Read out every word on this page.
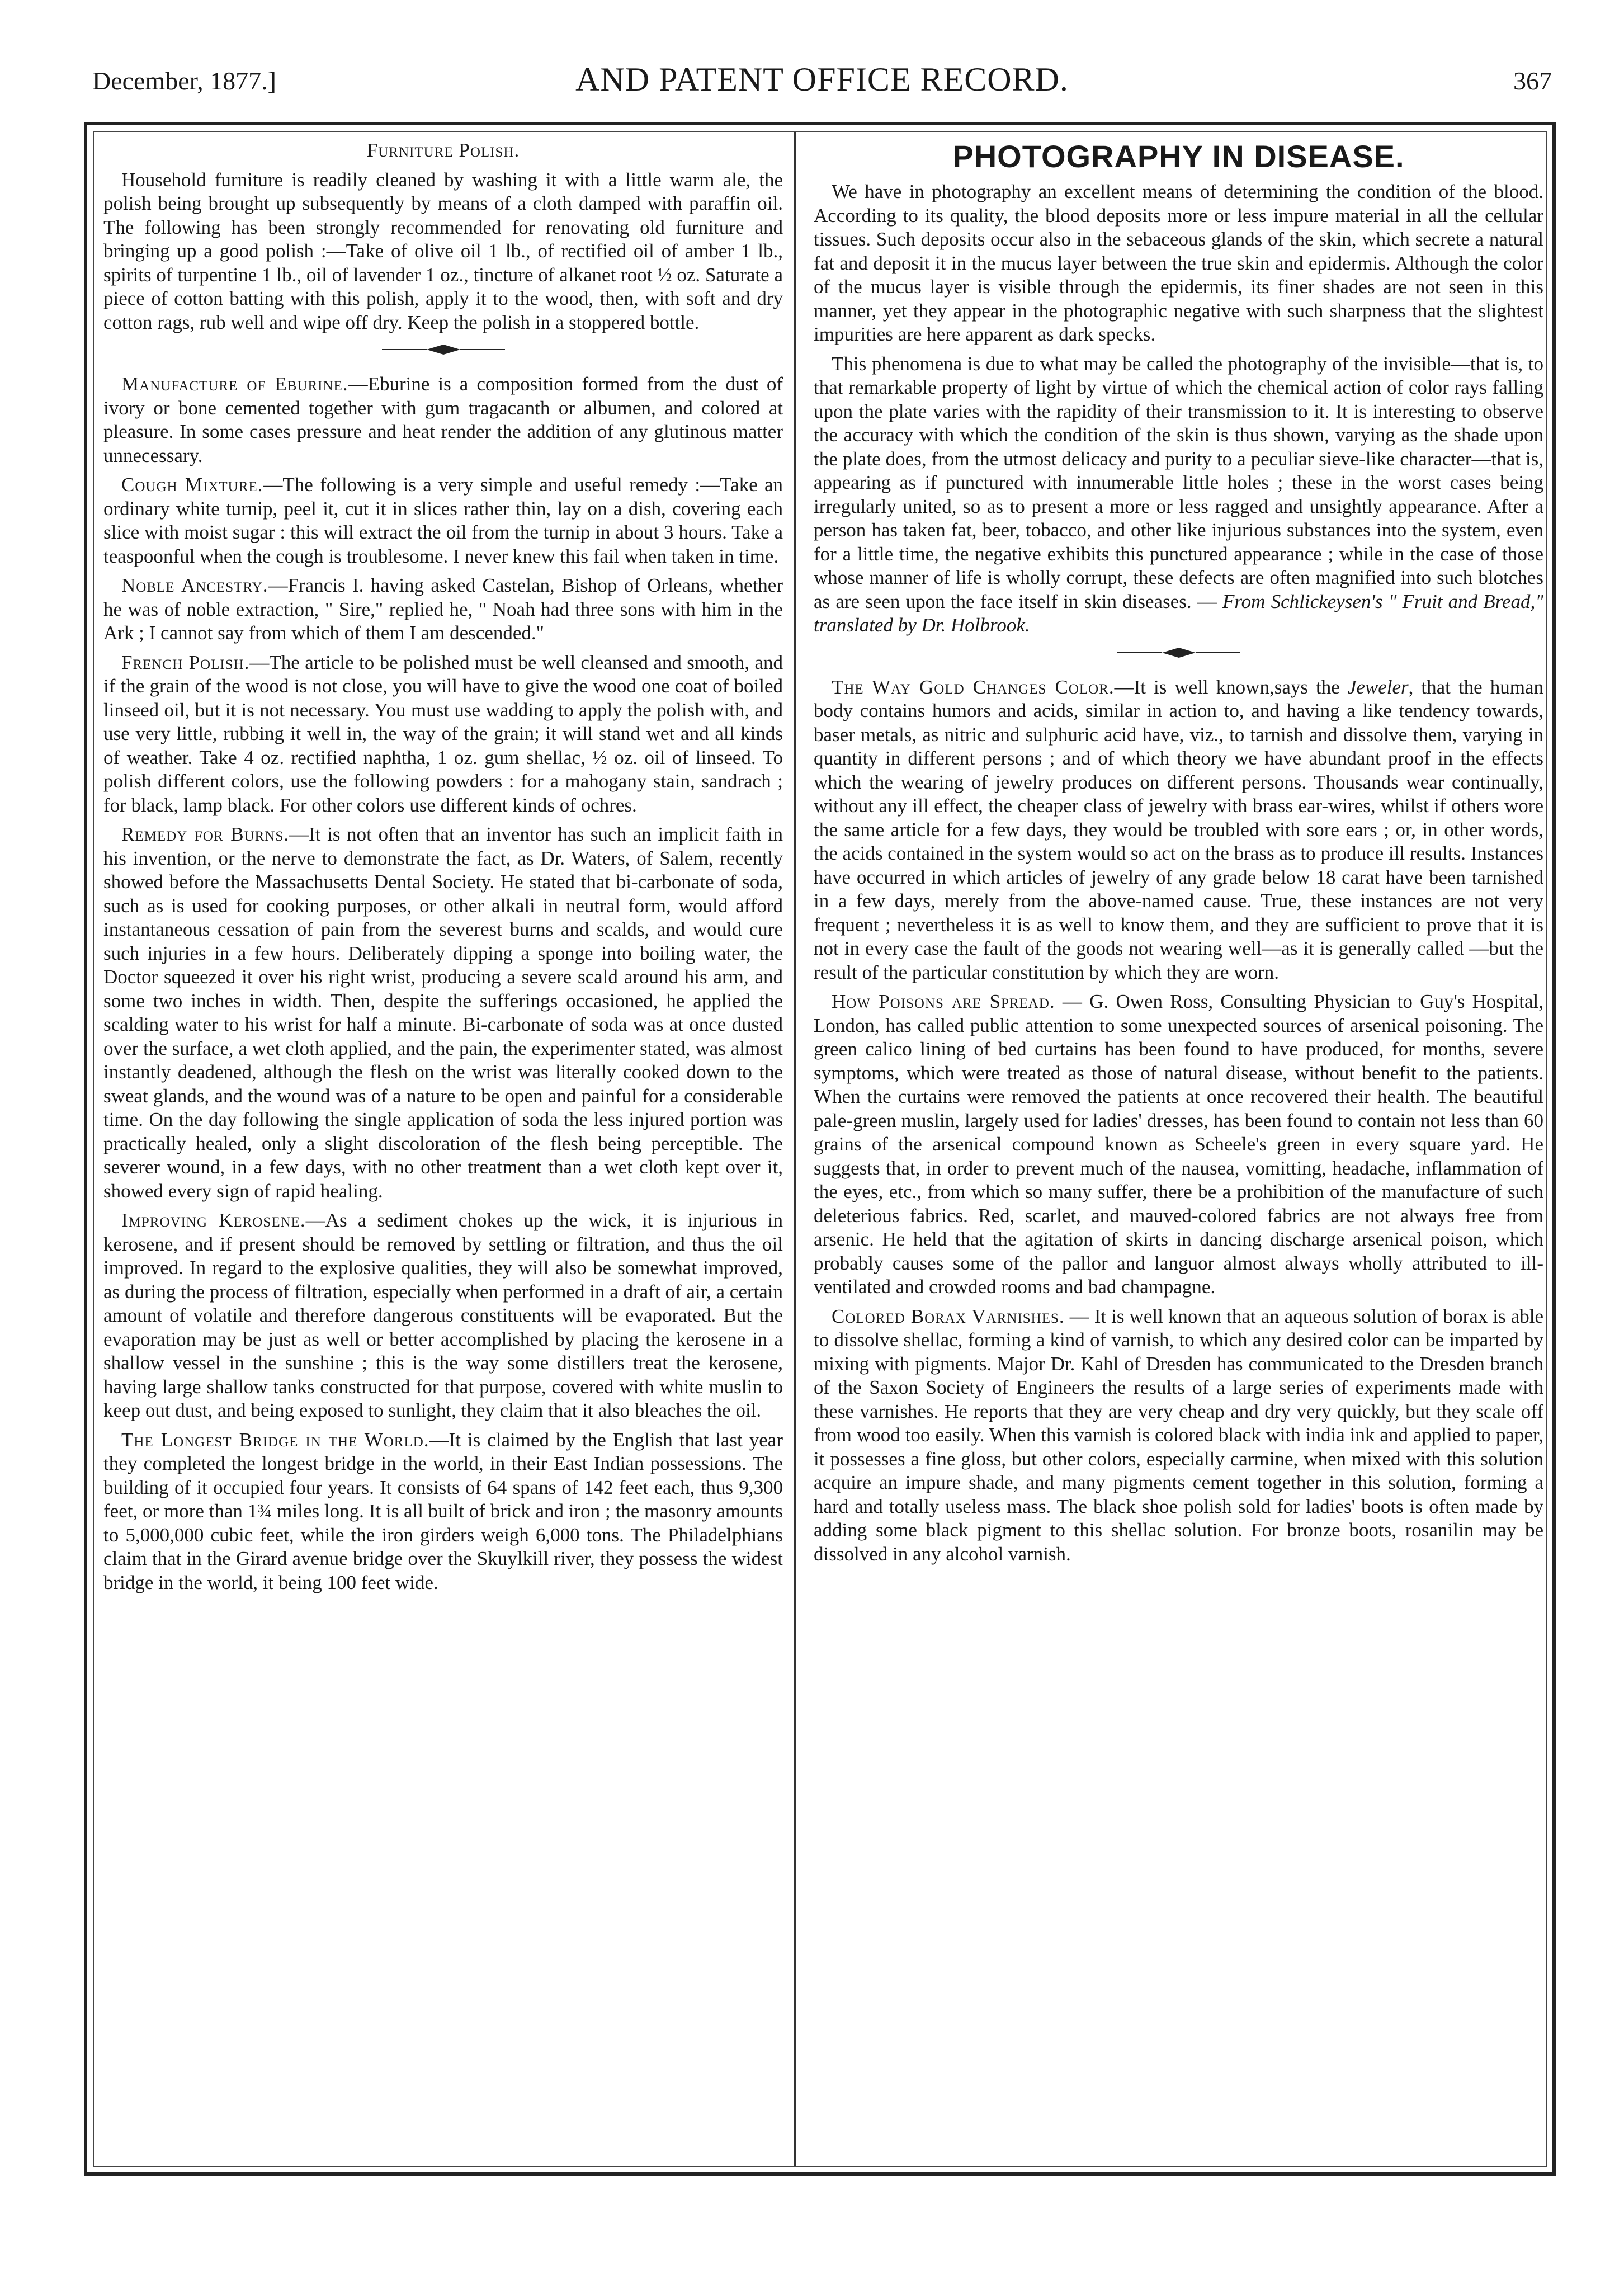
December, 1877.]	AND PATENT OFFICE RECORD.	367

Furniture Polish.

Household furniture is readily cleaned by washing it with a little warm ale, the polish being brought up subsequently by means of a cloth damped with paraffin oil. The following has been strongly recommended for renovating old furniture and bringing up a good polish :—Take of olive oil 1 lb., of rectified oil of amber 1 lb., spirits of turpentine 1 lb., oil of lavender 1 oz., tincture of alkanet root ½ oz. Saturate a piece of cotton batting with this polish, apply it to the wood, then, with soft and dry cotton rags, rub well and wipe off dry. Keep the polish in a stoppered bottle.

Manufacture of Eburine.—Eburine is a composition formed from the dust of ivory or bone cemented together with gum tragacanth or albumen, and colored at pleasure. In some cases pressure and heat render the addition of any glutinous matter unnecessary.

Cough Mixture.—The following is a very simple and useful remedy :—Take an ordinary white turnip, peel it, cut it in slices rather thin, lay on a dish, covering each slice with moist sugar : this will extract the oil from the turnip in about 3 hours. Take a teaspoonful when the cough is troublesome. I never knew this fail when taken in time.

Noble Ancestry.—Francis I. having asked Castelan, Bishop of Orleans, whether he was of noble extraction, " Sire," replied he, " Noah had three sons with him in the Ark ; I cannot say from which of them I am descended."

French Polish.—The article to be polished must be well cleansed and smooth, and if the grain of the wood is not close, you will have to give the wood one coat of boiled linseed oil, but it is not necessary. You must use wadding to apply the polish with, and use very little, rubbing it well in, the way of the grain; it will stand wet and all kinds of weather. Take 4 oz. rectified naphtha, 1 oz. gum shellac, ½ oz. oil of linseed. To polish different colors, use the following powders : for a mahogany stain, sandrach ; for black, lamp black. For other colors use different kinds of ochres.

Remedy for Burns.—It is not often that an inventor has such an implicit faith in his invention, or the nerve to demonstrate the fact, as Dr. Waters, of Salem, recently showed before the Massachusetts Dental Society. He stated that bi-carbonate of soda, such as is used for cooking purposes, or other alkali in neutral form, would afford instantaneous cessation of pain from the severest burns and scalds, and would cure such injuries in a few hours. Deliberately dipping a sponge into boiling water, the Doctor squeezed it over his right wrist, producing a severe scald around his arm, and some two inches in width. Then, despite the sufferings occasioned, he applied the scalding water to his wrist for half a minute. Bi-carbonate of soda was at once dusted over the surface, a wet cloth applied, and the pain, the experimenter stated, was almost instantly deadened, although the flesh on the wrist was literally cooked down to the sweat glands, and the wound was of a nature to be open and painful for a considerable time. On the day following the single application of soda the less injured portion was practically healed, only a slight discoloration of the flesh being perceptible. The severer wound, in a few days, with no other treatment than a wet cloth kept over it, showed every sign of rapid healing.

Improving Kerosene.—As a sediment chokes up the wick, it is injurious in kerosene, and if present should be removed by settling or filtration, and thus the oil improved. In regard to the explosive qualities, they will also be somewhat improved, as during the process of filtration, especially when performed in a draft of air, a certain amount of volatile and therefore dangerous constituents will be evaporated. But the evaporation may be just as well or better accomplished by placing the kerosene in a shallow vessel in the sunshine ; this is the way some distillers treat the kerosene, having large shallow tanks constructed for that purpose, covered with white muslin to keep out dust, and being exposed to sunlight, they claim that it also bleaches the oil.

The Longest Bridge in the World.—It is claimed by the English that last year they completed the longest bridge in the world, in their East Indian possessions. The building of it occupied four years. It consists of 64 spans of 142 feet each, thus 9,300 feet, or more than 1¾ miles long. It is all built of brick and iron ; the masonry amounts to 5,000,000 cubic feet, while the iron girders weigh 6,000 tons. The Philadelphians claim that in the Girard avenue bridge over the Skuylkill river, they possess the widest bridge in the world, it being 100 feet wide.

PHOTOGRAPHY IN DISEASE.

We have in photography an excellent means of determining the condition of the blood. According to its quality, the blood deposits more or less impure material in all the cellular tissues. Such deposits occur also in the sebaceous glands of the skin, which secrete a natural fat and deposit it in the mucus layer between the true skin and epidermis. Although the color of the mucus layer is visible through the epidermis, its finer shades are not seen in this manner, yet they appear in the photographic negative with such sharpness that the slightest impurities are here apparent as dark specks.

This phenomena is due to what may be called the photography of the invisible—that is, to that remarkable property of light by virtue of which the chemical action of color rays falling upon the plate varies with the rapidity of their transmission to it. It is interesting to observe the accuracy with which the condition of the skin is thus shown, varying as the shade upon the plate does, from the utmost delicacy and purity to a peculiar sieve-like character—that is, appearing as if punctured with innumerable little holes ; these in the worst cases being irregularly united, so as to present a more or less ragged and unsightly appearance. After a person has taken fat, beer, tobacco, and other like injurious substances into the system, even for a little time, the negative exhibits this punctured appearance ; while in the case of those whose manner of life is wholly corrupt, these defects are often magnified into such blotches as are seen upon the face itself in skin diseases. — From Schlickeysen's " Fruit and Bread," translated by Dr. Holbrook.

The Way Gold Changes Color.—It is well known,says the Jeweler, that the human body contains humors and acids, similar in action to, and having a like tendency towards, baser metals, as nitric and sulphuric acid have, viz., to tarnish and dissolve them, varying in quantity in different persons ; and of which theory we have abundant proof in the effects which the wearing of jewelry produces on different persons. Thousands wear continually, without any ill effect, the cheaper class of jewelry with brass ear-wires, whilst if others wore the same article for a few days, they would be troubled with sore ears ; or, in other words, the acids contained in the system would so act on the brass as to produce ill results. Instances have occurred in which articles of jewelry of any grade below 18 carat have been tarnished in a few days, merely from the above-named cause. True, these instances are not very frequent ; nevertheless it is as well to know them, and they are sufficient to prove that it is not in every case the fault of the goods not wearing well—as it is generally called —but the result of the particular constitution by which they are worn.

How Poisons are Spread. — G. Owen Ross, Consulting Physician to Guy's Hospital, London, has called public attention to some unexpected sources of arsenical poisoning. The green calico lining of bed curtains has been found to have produced, for months, severe symptoms, which were treated as those of natural disease, without benefit to the patients. When the curtains were removed the patients at once recovered their health. The beautiful pale-green muslin, largely used for ladies' dresses, has been found to contain not less than 60 grains of the arsenical compound known as Scheele's green in every square yard. He suggests that, in order to prevent much of the nausea, vomitting, headache, inflammation of the eyes, etc., from which so many suffer, there be a prohibition of the manufacture of such deleterious fabrics. Red, scarlet, and mauved-colored fabrics are not always free from arsenic. He held that the agitation of skirts in dancing discharge arsenical poison, which probably causes some of the pallor and languor almost always wholly attributed to ill-ventilated and crowded rooms and bad champagne.

Colored Borax Varnishes. — It is well known that an aqueous solution of borax is able to dissolve shellac, forming a kind of varnish, to which any desired color can be imparted by mixing with pigments. Major Dr. Kahl of Dresden has communicated to the Dresden branch of the Saxon Society of Engineers the results of a large series of experiments made with these varnishes. He reports that they are very cheap and dry very quickly, but they scale off from wood too easily. When this varnish is colored black with india ink and applied to paper, it possesses a fine gloss, but other colors, especially carmine, when mixed with this solution acquire an impure shade, and many pigments cement together in this solution, forming a hard and totally useless mass. The black shoe polish sold for ladies' boots is often made by adding some black pigment to this shellac solution. For bronze boots, rosanilin may be dissolved in any alcohol varnish.
